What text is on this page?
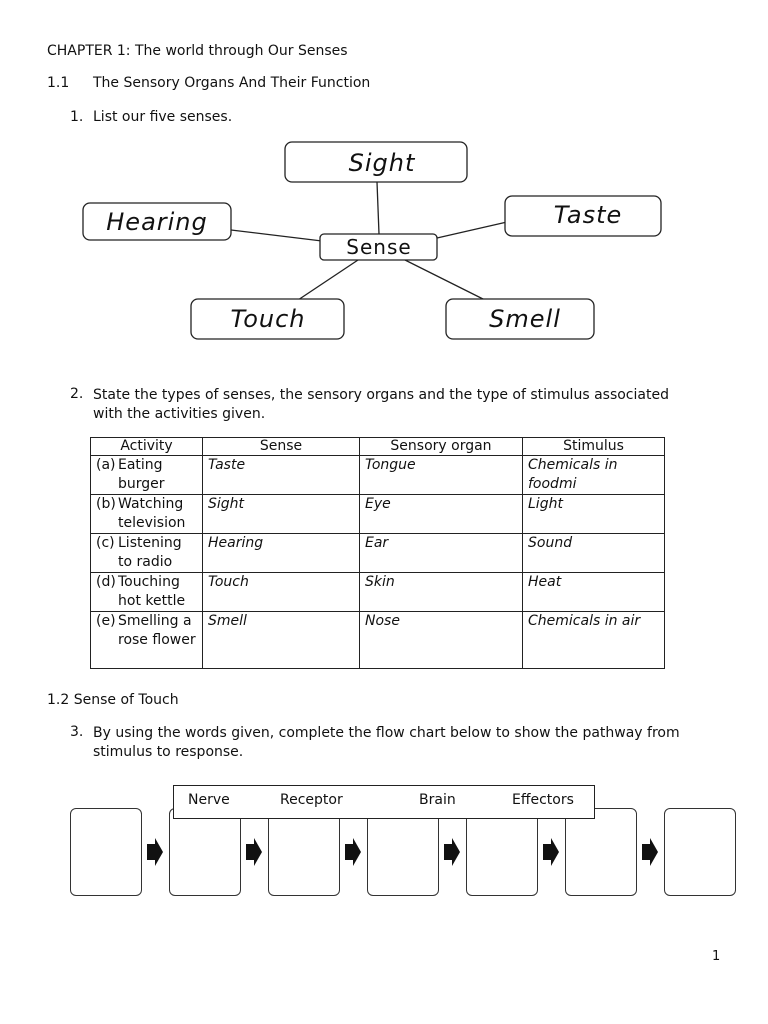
CHAPTER 1: The world through Our Senses
1.1 The Sensory Organs And Their Function
1. List our five senses.
Sight
Taste
Hearing
Sense
Touch	Smell
2. State the types of senses, the sensory organs and the type of stimulus associated with the activities given.
Activity	Sense	Sensory organ	Stimulus

(a) Eating burger	Taste	Tongue	Chemicals in foodmi

(b) Watching television	Sight	Eye	Light

(c) Listening to radio	Hearing	Ear	Sound

(d) Touching hot kettle	Touch	Skin	Heat

(e) Smelling a rose flower	Smell	Nose	Chemicals in air
1.2 Sense of Touch
3. By using the words given, complete the flow chart below to show the pathway from stimulus to response.
Nerve	Receptor	Brain	Effectors
1
